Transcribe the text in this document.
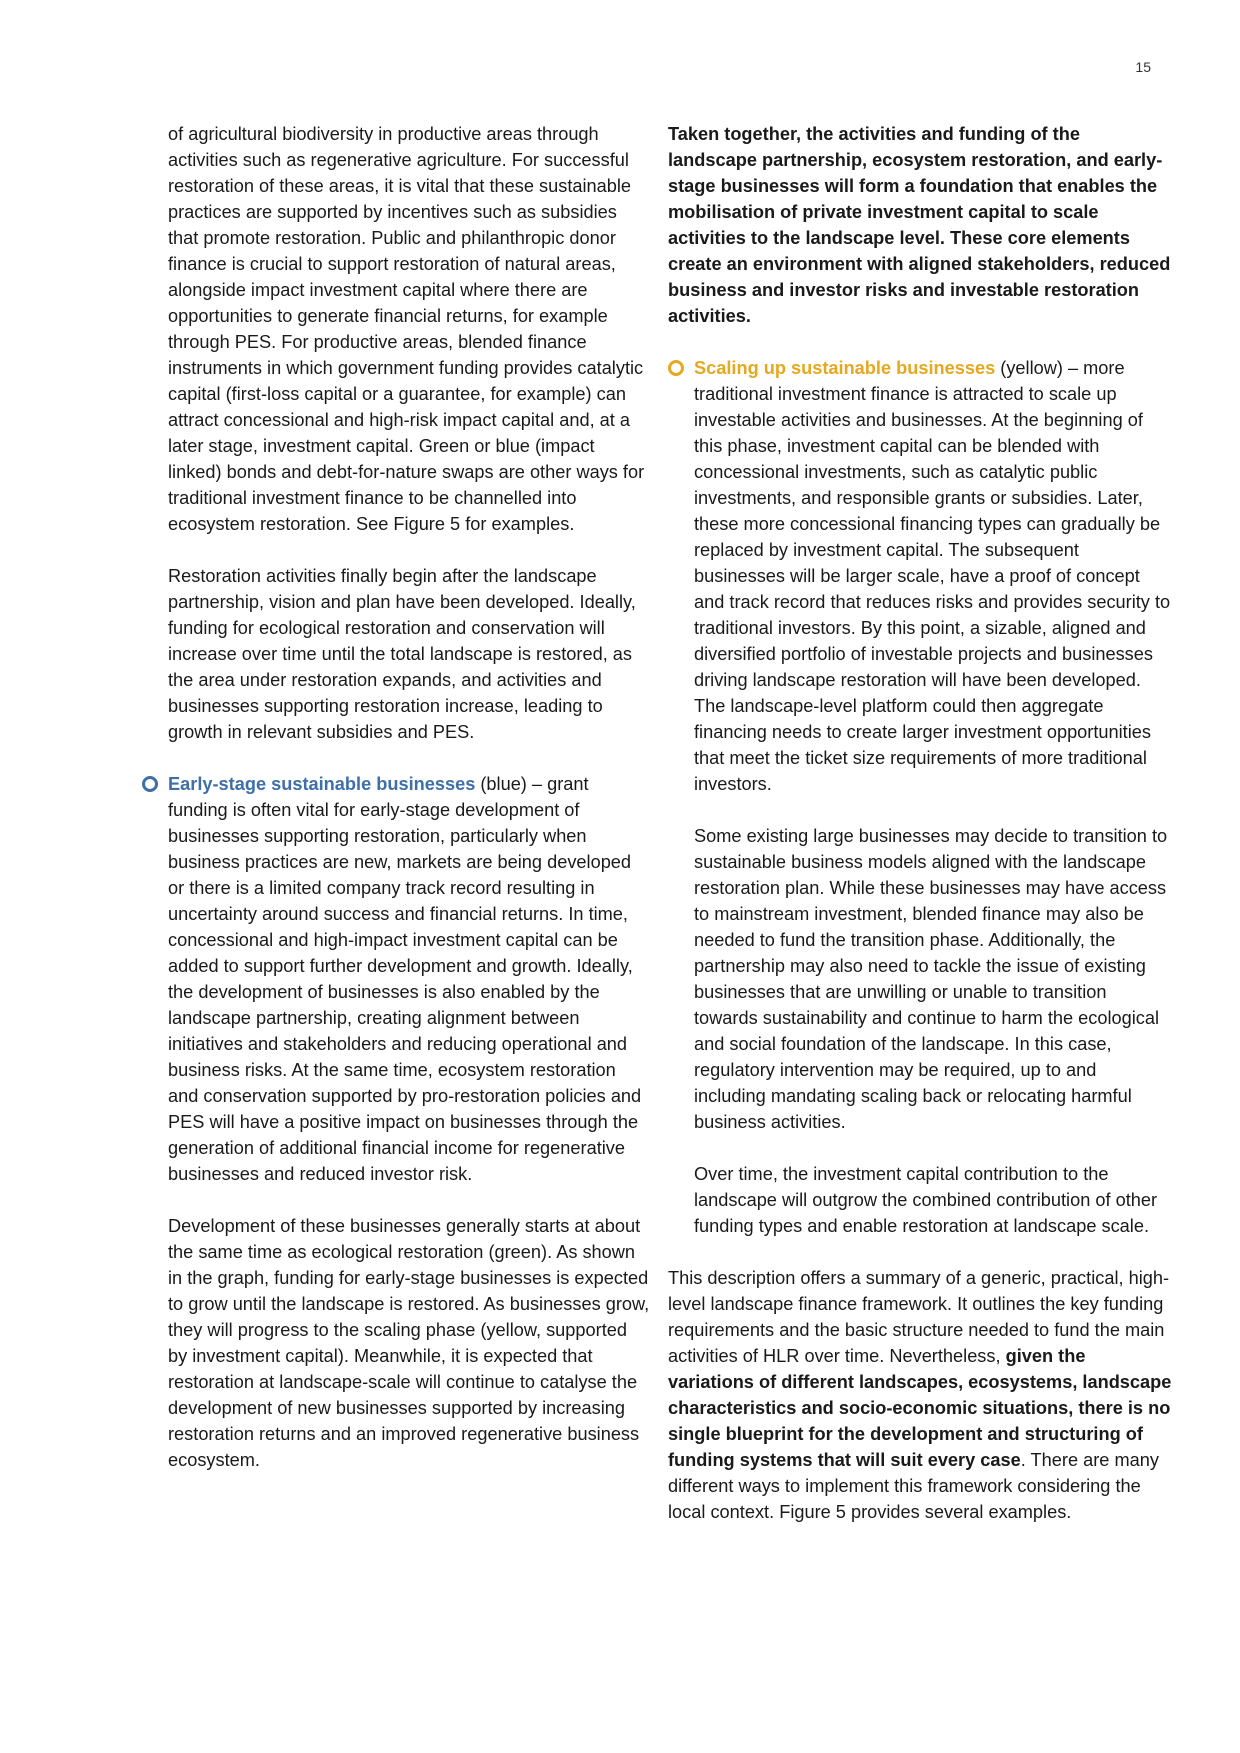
15

of agricultural biodiversity in productive areas through activities such as regenerative agriculture. For successful restoration of these areas, it is vital that these sustainable practices are supported by incentives such as subsidies that promote restoration. Public and philanthropic donor finance is crucial to support restoration of natural areas, alongside impact investment capital where there are opportunities to generate financial returns, for example through PES. For productive areas, blended finance instruments in which government funding provides catalytic capital (first-loss capital or a guarantee, for example) can attract concessional and high-risk impact capital and, at a later stage, investment capital. Green or blue (impact linked) bonds and debt-for-nature swaps are other ways for traditional investment finance to be channelled into ecosystem restoration. See Figure 5 for examples.

Restoration activities finally begin after the landscape partnership, vision and plan have been developed. Ideally, funding for ecological restoration and conservation will increase over time until the total landscape is restored, as the area under restoration expands, and activities and businesses supporting restoration increase, leading to growth in relevant subsidies and PES.

Early-stage sustainable businesses (blue) – grant funding is often vital for early-stage development of businesses supporting restoration, particularly when business practices are new, markets are being developed or there is a limited company track record resulting in uncertainty around success and financial returns. In time, concessional and high-impact investment capital can be added to support further development and growth. Ideally, the development of businesses is also enabled by the landscape partnership, creating alignment between initiatives and stakeholders and reducing operational and business risks. At the same time, ecosystem restoration and conservation supported by pro-restoration policies and PES will have a positive impact on businesses through the generation of additional financial income for regenerative businesses and reduced investor risk.

Development of these businesses generally starts at about the same time as ecological restoration (green). As shown in the graph, funding for early-stage businesses is expected to grow until the landscape is restored. As businesses grow, they will progress to the scaling phase (yellow, supported by investment capital). Meanwhile, it is expected that restoration at landscape-scale will continue to catalyse the development of new businesses supported by increasing restoration returns and an improved regenerative business ecosystem.

Taken together, the activities and funding of the landscape partnership, ecosystem restoration, and early-stage businesses will form a foundation that enables the mobilisation of private investment capital to scale activities to the landscape level. These core elements create an environment with aligned stakeholders, reduced business and investor risks and investable restoration activities.

Scaling up sustainable businesses (yellow) – more traditional investment finance is attracted to scale up investable activities and businesses. At the beginning of this phase, investment capital can be blended with concessional investments, such as catalytic public investments, and responsible grants or subsidies. Later, these more concessional financing types can gradually be replaced by investment capital. The subsequent businesses will be larger scale, have a proof of concept and track record that reduces risks and provides security to traditional investors. By this point, a sizable, aligned and diversified portfolio of investable projects and businesses driving landscape restoration will have been developed. The landscape-level platform could then aggregate financing needs to create larger investment opportunities that meet the ticket size requirements of more traditional investors.

Some existing large businesses may decide to transition to sustainable business models aligned with the landscape restoration plan. While these businesses may have access to mainstream investment, blended finance may also be needed to fund the transition phase. Additionally, the partnership may also need to tackle the issue of existing businesses that are unwilling or unable to transition towards sustainability and continue to harm the ecological and social foundation of the landscape. In this case, regulatory intervention may be required, up to and including mandating scaling back or relocating harmful business activities.

Over time, the investment capital contribution to the landscape will outgrow the combined contribution of other funding types and enable restoration at landscape scale.

This description offers a summary of a generic, practical, high-level landscape finance framework. It outlines the key funding requirements and the basic structure needed to fund the main activities of HLR over time. Nevertheless, given the variations of different landscapes, ecosystems, landscape characteristics and socio-economic situations, there is no single blueprint for the development and structuring of funding systems that will suit every case. There are many different ways to implement this framework considering the local context. Figure 5 provides several examples.
